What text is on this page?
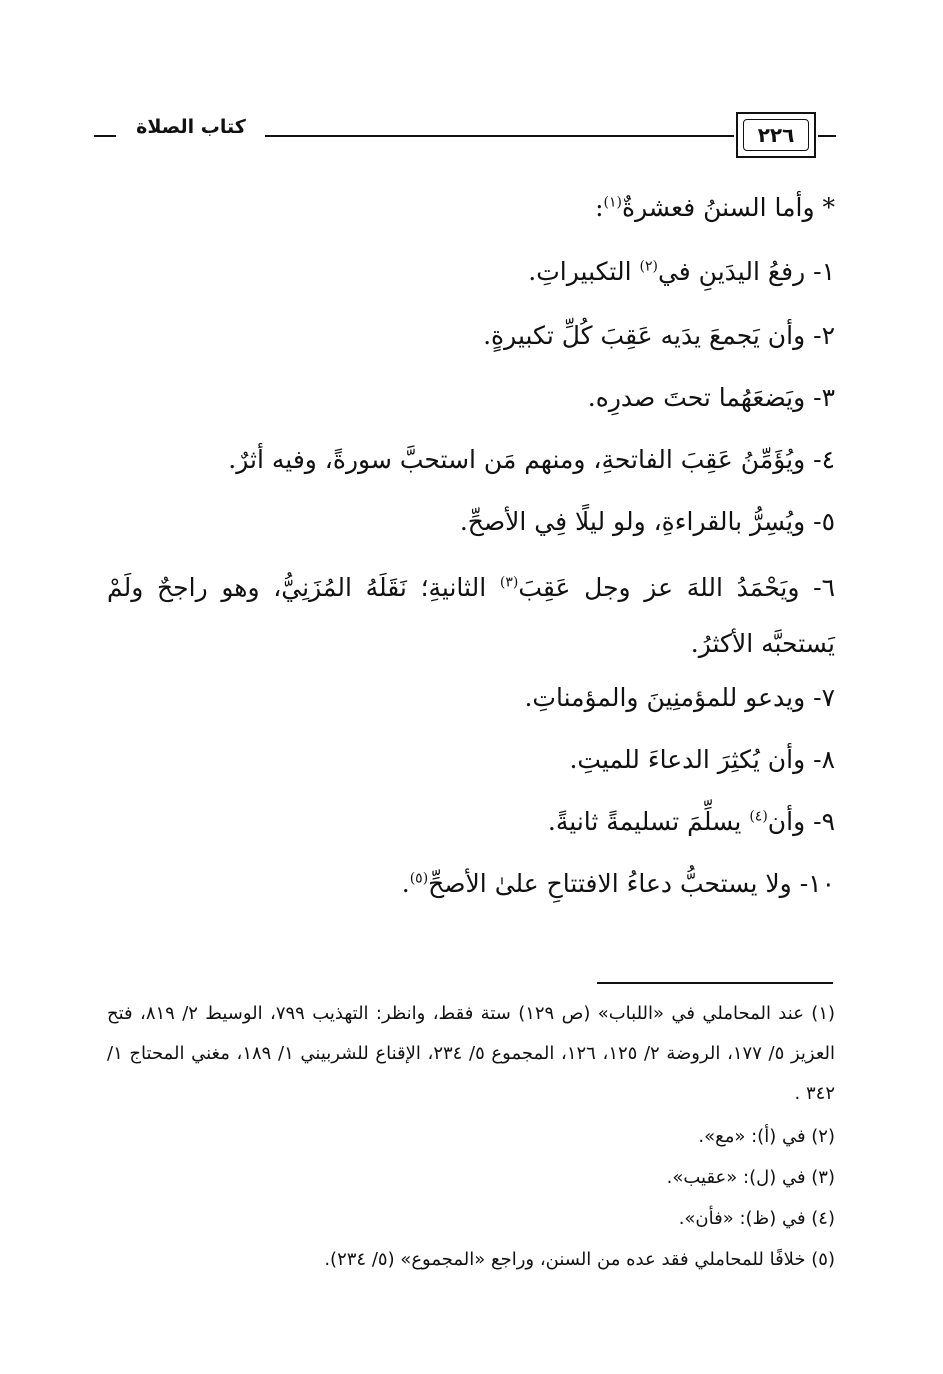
٢٢٦
كتاب الصلاة
* وأما السننُ فعشرةٌ$^{(١)}$:
١- رفعُ اليدَينِ في$^{(٢)}$ التكبيراتِ.
٢- وأن يَجمعَ يدَيه عَقِبَ كُلِّ تكبيرةٍ.
٣- ويَضعَهُما تحتَ صدرِه.
٤- ويُؤَمِّنُ عَقِبَ الفاتحةِ، ومنهم مَن استحبَّ سورةً، وفيه أثرٌ.
٥- ويُسِرُّ بالقراءةِ، ولو ليلًا فِي الأصحِّ.
٦- ويَحْمَدُ اللهَ عز وجل عَقِبَ$^{(٣)}$ الثانيةِ؛ نَقَلَهُ المُزَنِيُّ، وهو راجحٌ ولَمْ يَستحبَّه الأكثرُ.
٧- ويدعو للمؤمنِينَ والمؤمناتِ.
٨- وأن يُكثِرَ الدعاءَ للميتِ.
٩- وأن$^{(٤)}$ يسلِّمَ تسليمةً ثانيةً.
١٠- ولا يستحبُّ دعاءُ الافتتاحِ علىٰ الأصحِّ$^{(٥)}$.
(١) عند المحاملي في «اللباب» (ص ١٢٩) ستة فقط، وانظر: التهذيب ٧٩٩، الوسيط ٢/ ٨١٩، فتح العزيز ٥/ ١٧٧، الروضة ٢/ ١٢٥، ١٢٦، المجموع ٥/ ٢٣٤، الإقناع للشربيني ١/ ١٨٩، مغني المحتاج ١/ ٣٤٢ .
(٢) في (أ): «مع».
(٣) في (ل): «عقيب».
(٤) في (ظ): «فأن».
(٥) خلافًا للمحاملي فقد عده من السنن، وراجع «المجموع» (٥/ ٢٣٤).
